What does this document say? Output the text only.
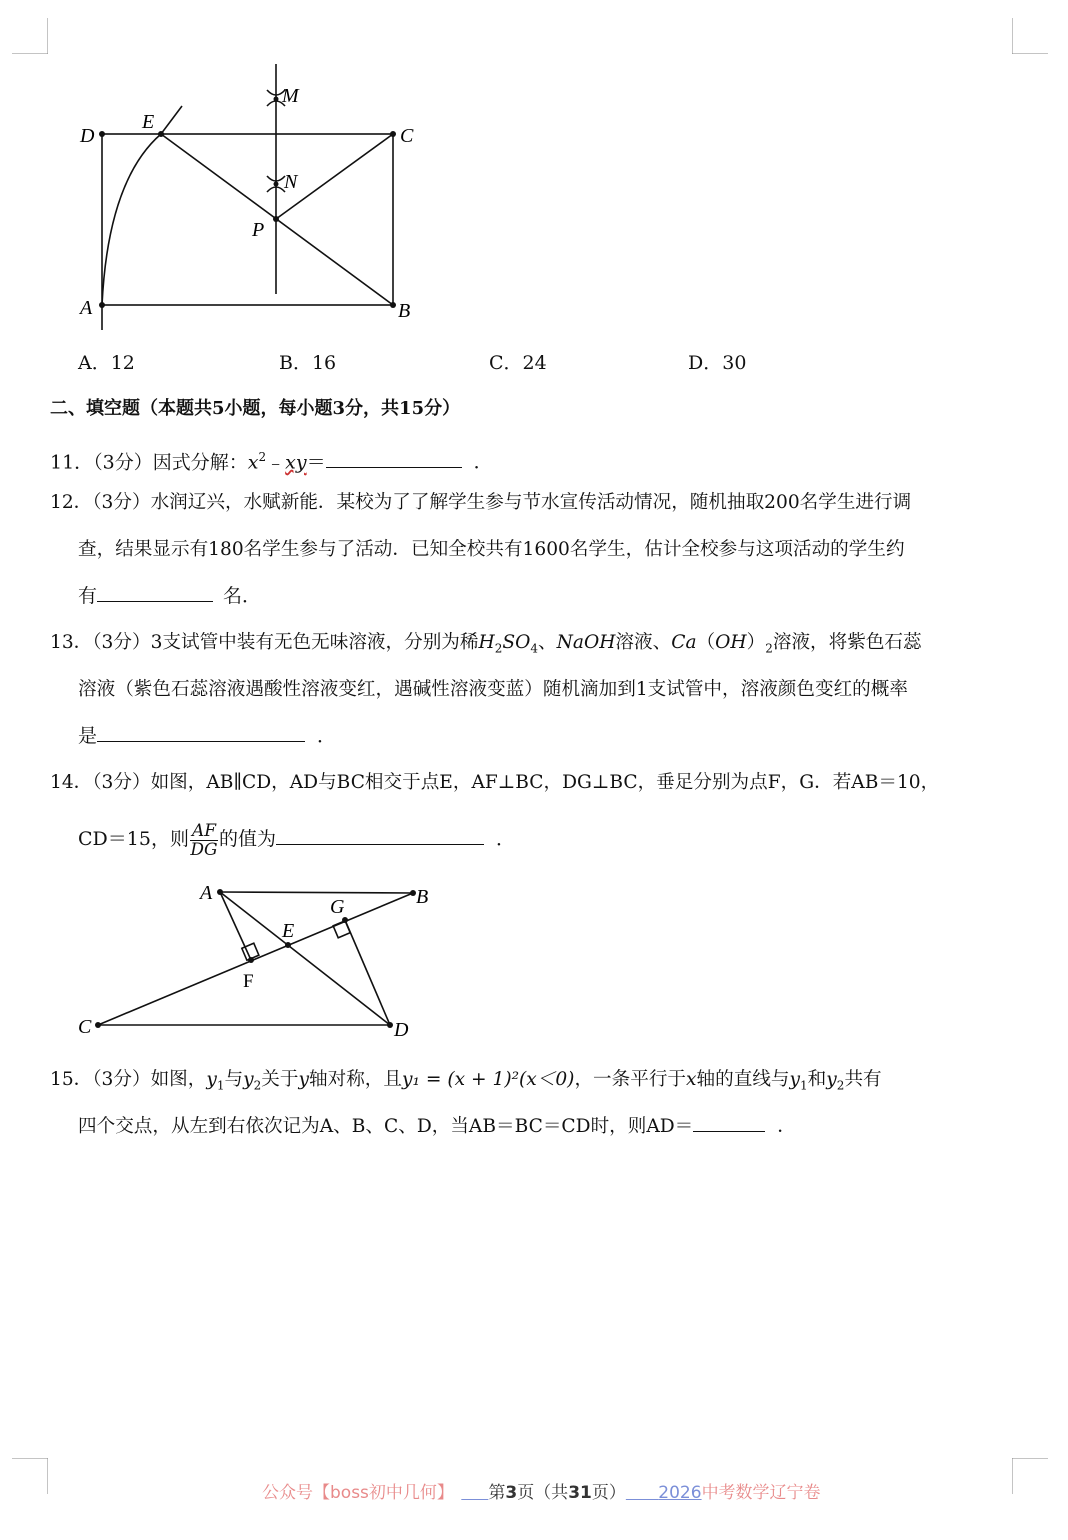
M
N
D
E
C
P
A	B
A．12	B．16	C．24	D．30
二、填空题（本题共5小题，每小题3分，共15分）
11．（3分）因式分解：$x^2﹣xy=$	．
12．（3分）水润辽兴，水赋新能．某校为了了解学生参与节水宣传活动情况，随机抽取200名学生进行调
查，结果显示有180名学生参与了活动．已知全校共有1600名学生，估计全校参与这项活动的学生约
有	名．
13．（3分）3支试管中装有无色无味溶液，分别为稀$H_2SO_4$、NaOH溶液、$Ca(OH)_2$溶液，将紫色石蕊
溶液（紫色石蕊溶液遇酸性溶液变红，遇碱性溶液变蓝）随机滴加到1支试管中，溶液颜色变红的概率
是	．
14．（3分）如图，AB∥CD，AD与BC相交于点E，AF⊥BC，DG⊥BC，垂足分别为点F，G．若AB＝10，
CD＝15，则 $\frac{AF}{DG}$ 的值为	．
A	B
G
E
F
C	D
15．（3分）如图，$y_1$与$y_2$关于y轴对称，且y₁ = (x + 1)²(x＜0)，一条平行于x轴的直线与$y_1$和$y_2$共有
四个交点，从左到右依次记为A、B、C、D，当AB＝BC＝CD时，则AD＝	．
公众号【boss初中几何】 第3页（共31页） 2026中考数学辽宁卷
